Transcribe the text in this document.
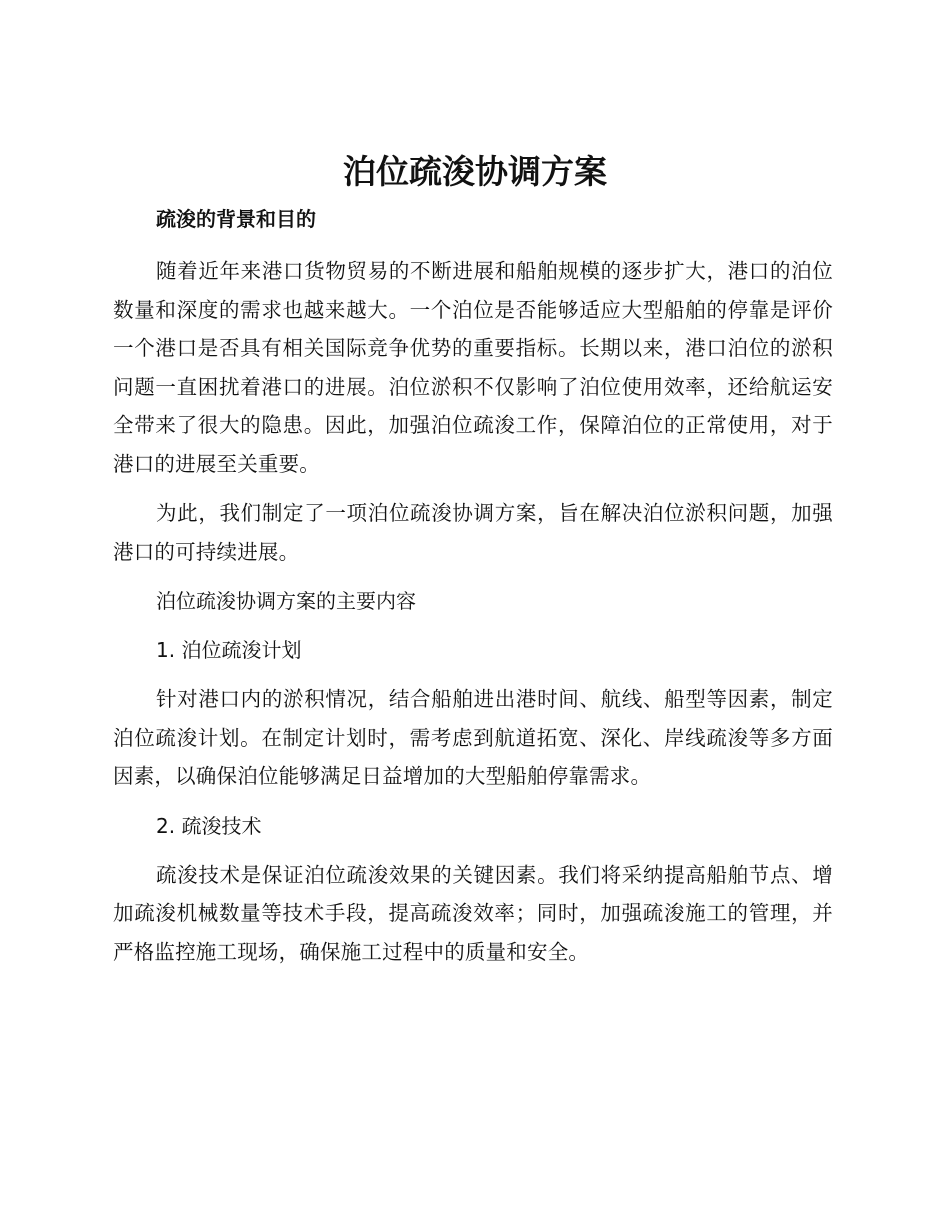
泊位疏浚协调方案
疏浚的背景和目的

随着近年来港口货物贸易的不断进展和船舶规模的逐步扩大，港口的泊位数量和深度的需求也越来越大。一个泊位是否能够适应大型船舶的停靠是评价一个港口是否具有相关国际竞争优势的重要指标。长期以来，港口泊位的淤积问题一直困扰着港口的进展。泊位淤积不仅影响了泊位使用效率，还给航运安全带来了很大的隐患。因此，加强泊位疏浚工作，保障泊位的正常使用，对于港口的进展至关重要。

为此，我们制定了一项泊位疏浚协调方案，旨在解决泊位淤积问题，加强港口的可持续进展。

泊位疏浚协调方案的主要内容
1. 泊位疏浚计划

针对港口内的淤积情况，结合船舶进出港时间、航线、船型等因素，制定泊位疏浚计划。在制定计划时，需考虑到航道拓宽、深化、岸线疏浚等多方面因素，以确保泊位能够满足日益增加的大型船舶停靠需求。

2. 疏浚技术

疏浚技术是保证泊位疏浚效果的关键因素。我们将采纳提高船舶节点、增加疏浚机械数量等技术手段，提高疏浚效率；同时，加强疏浚施工的管理，并严格监控施工现场，确保施工过程中的质量和安全。
